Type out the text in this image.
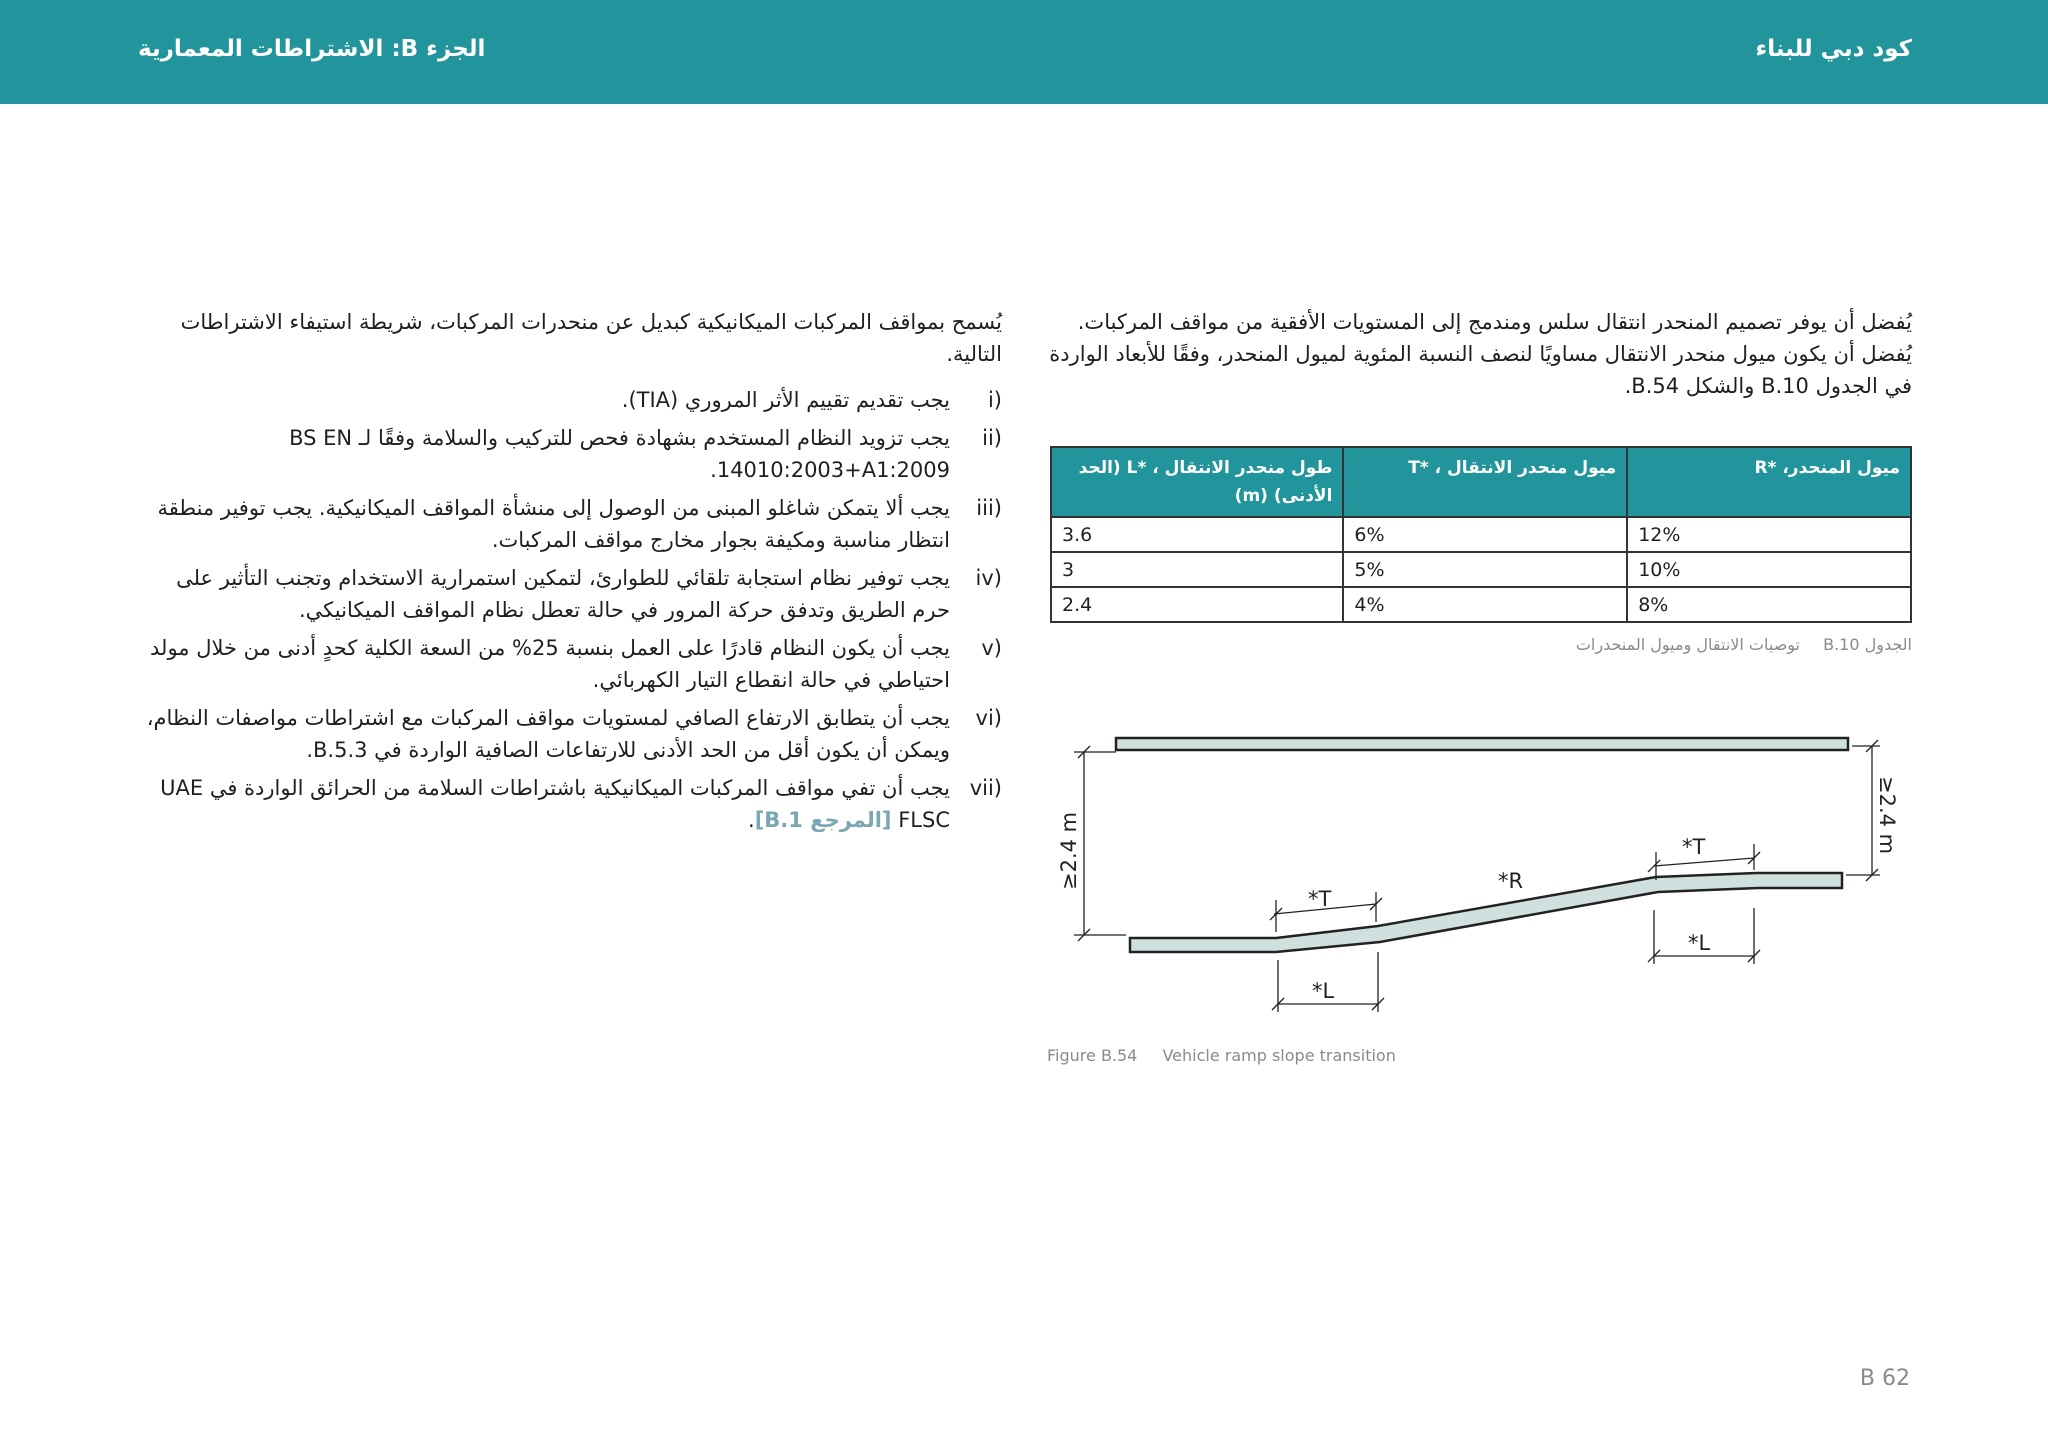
الجزء B: الاشتراطات المعمارية	كود دبي للبناء

يُفضل أن يوفر تصميم المنحدر انتقال سلس ومندمج إلى المستويات الأفقية من مواقف المركبات. يُفضل أن يكون ميول منحدر الانتقال مساويًا لنصف النسبة المئوية لميول المنحدر، وفقًا للأبعاد الواردة في الجدول B.10 والشكل B.54.

ميول المنحدر، *R	ميول منحدر الانتقال ، *T	طول منحدر الانتقال ، *L (الحد الأدنى) (m)
12%	6%	3.6
10%	5%	3
8%	4%	2.4
الجدول B.10 توصيات الانتقال وميول المنحدرات
≥2.4 m	≥2.4 m
*T
*T
*R
*L
*L
Figure B.54 Vehicle ramp slope transition

يُسمح بمواقف المركبات الميكانيكية كبديل عن منحدرات المركبات، شريطة استيفاء الاشتراطات التالية.

i)
يجب تقديم تقييم الأثر المروري (TIA).
ii)
يجب تزويد النظام المستخدم بشهادة فحص للتركيب والسلامة وفقًا لـ BS EN 14010:2003+A1:2009.
iii)
يجب ألا يتمكن شاغلو المبنى من الوصول إلى منشأة المواقف الميكانيكية. يجب توفير منطقة انتظار مناسبة ومكيفة بجوار مخارج مواقف المركبات.
iv)
يجب توفير نظام استجابة تلقائي للطوارئ، لتمكين استمرارية الاستخدام وتجنب التأثير على حرم الطريق وتدفق حركة المرور في حالة تعطل نظام المواقف الميكانيكي.
v)
يجب أن يكون النظام قادرًا على العمل بنسبة 25% من السعة الكلية كحدٍ أدنى من خلال مولد احتياطي في حالة انقطاع التيار الكهربائي.
vi)
يجب أن يتطابق الارتفاع الصافي لمستويات مواقف المركبات مع اشتراطات مواصفات النظام، ويمكن أن يكون أقل من الحد الأدنى للارتفاعات الصافية الواردة في B.5.3.
vii)
يجب أن تفي مواقف المركبات الميكانيكية باشتراطات السلامة من الحرائق الواردة في UAE FLSC [المرجع B.1].
B 62
